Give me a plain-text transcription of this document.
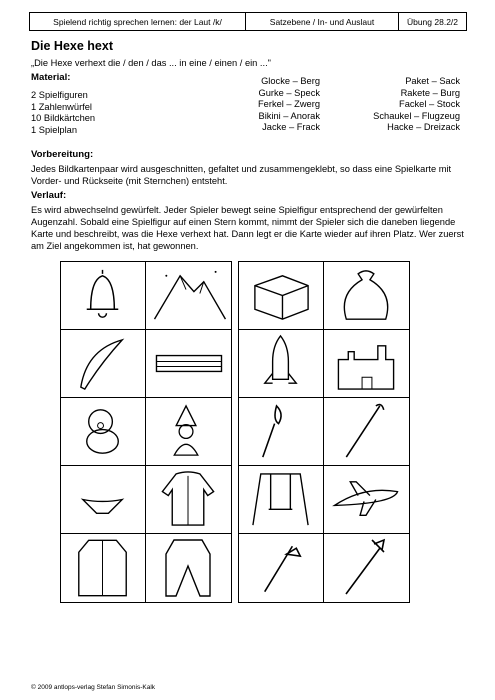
Spielend richtig sprechen lernen: der Laut /k/	Satzebene / In- und Auslaut	Übung 28.2/2
Die Hexe hext
„Die Hexe verhext die / den / das ... in eine / einen / ein ..."
Material:
2 Spielfiguren
1 Zahlenwürfel
10 Bildkärtchen
1 Spielplan
Glocke – Berg
Gurke – Speck
Ferkel – Zwerg
Bikini – Anorak
Jacke – Frack
Paket – Sack
Rakete – Burg
Fackel – Stock
Schaukel – Flugzeug
Hacke – Dreizack
Vorbereitung:
Jedes Bildkartenpaar wird ausgeschnitten, gefaltet und zusammengeklebt, so dass eine Spielkarte mit Vorder- und Rückseite (mit Sternchen) entsteht.
Verlauf:
Es wird abwechselnd gewürfelt. Jeder Spieler bewegt seine Spielfigur entsprechend der gewürfelten Augenzahl. Sobald eine Spielfigur auf einen Stern kommt, nimmt der Spieler sich die daneben liegende Karte und beschreibt, was die Hexe verhext hat. Dann legt er die Karte wieder auf ihren Platz. Wer zuerst am Ziel angekommen ist, hat gewonnen.
© 2009 antlops-verlag Stefan Simonis-Kalk
